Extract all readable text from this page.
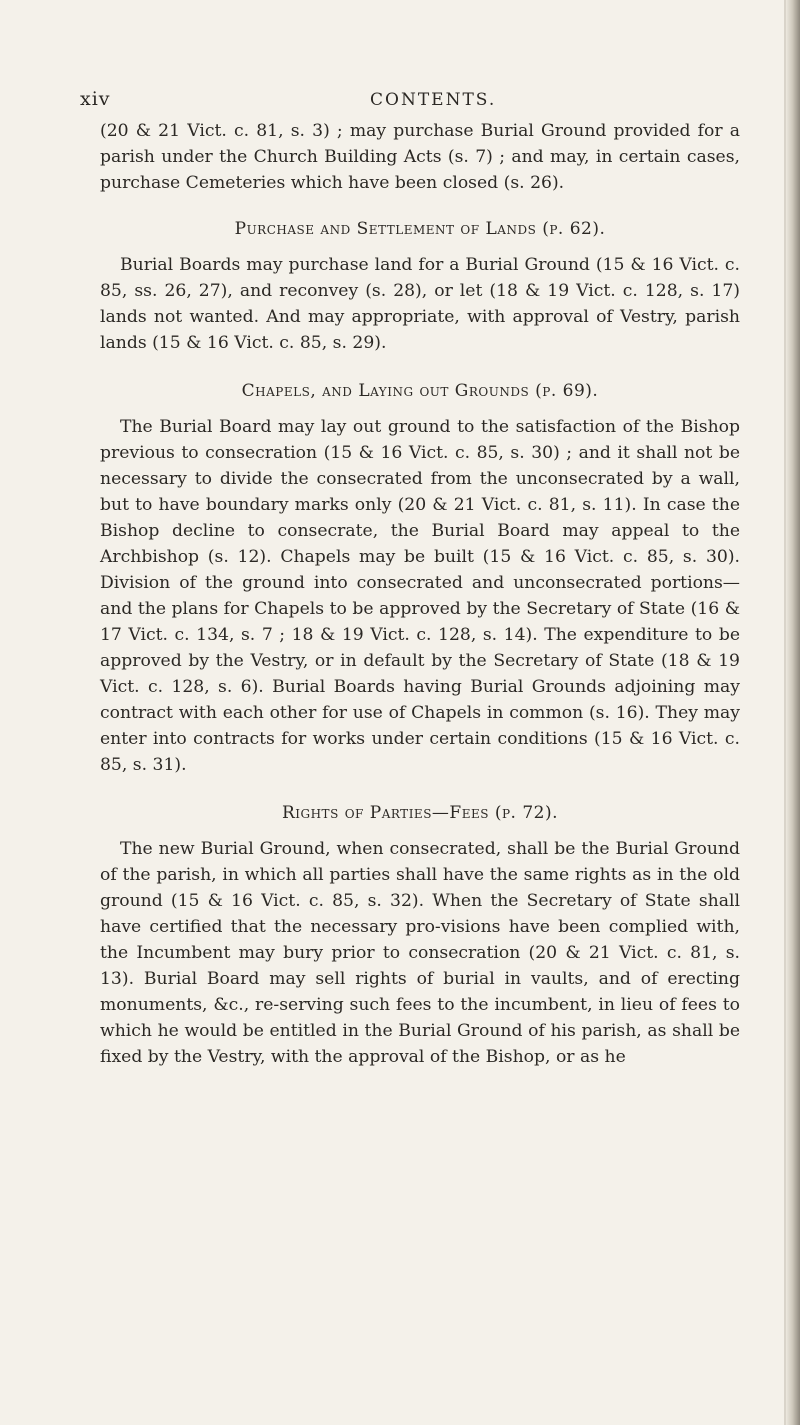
xiv	CONTENTS.

(20 & 21 Vict. c. 81, s. 3) ; may purchase Burial Ground provided for a parish under the Church Building Acts (s. 7) ; and may, in certain cases, purchase Cemeteries which have been closed (s. 26).

Purchase and Settlement of Lands (p. 62).

Burial Boards may purchase land for a Burial Ground (15 & 16 Vict. c. 85, ss. 26, 27), and reconvey (s. 28), or let (18 & 19 Vict. c. 128, s. 17) lands not wanted. And may appropriate, with approval of Vestry, parish lands (15 & 16 Vict. c. 85, s. 29).

Chapels, and Laying out Grounds (p. 69).

The Burial Board may lay out ground to the satisfaction of the Bishop previous to consecration (15 & 16 Vict. c. 85, s. 30) ; and it shall not be necessary to divide the consecrated from the unconsecrated by a wall, but to have boundary marks only (20 & 21 Vict. c. 81, s. 11). In case the Bishop decline to consecrate, the Burial Board may appeal to the Archbishop (s. 12). Chapels may be built (15 & 16 Vict. c. 85, s. 30). Division of the ground into consecrated and unconsecrated portions—and the plans for Chapels to be approved by the Secretary of State (16 & 17 Vict. c. 134, s. 7 ; 18 & 19 Vict. c. 128, s. 14). The expenditure to be approved by the Vestry, or in default by the Secretary of State (18 & 19 Vict. c. 128, s. 6). Burial Boards having Burial Grounds adjoining may contract with each other for use of Chapels in common (s. 16). They may enter into contracts for works under certain conditions (15 & 16 Vict. c. 85, s. 31).

Rights of Parties—Fees (p. 72).

The new Burial Ground, when consecrated, shall be the Burial Ground of the parish, in which all parties shall have the same rights as in the old ground (15 & 16 Vict. c. 85, s. 32). When the Secretary of State shall have certified that the necessary pro-visions have been complied with, the Incumbent may bury prior to consecration (20 & 21 Vict. c. 81, s. 13). Burial Board may sell rights of burial in vaults, and of erecting monuments, &c., re-serving such fees to the incumbent, in lieu of fees to which he would be entitled in the Burial Ground of his parish, as shall be fixed by the Vestry, with the approval of the Bishop, or as he
